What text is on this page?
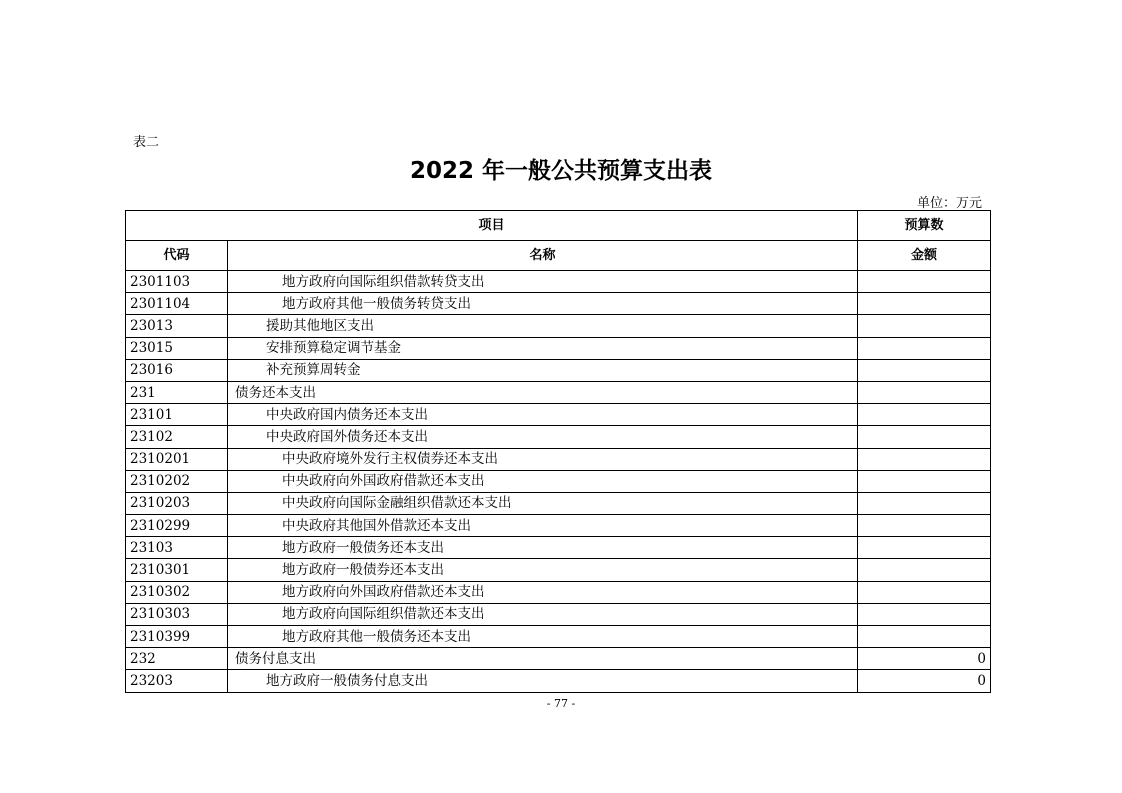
表二
2022 年一般公共预算支出表
单位：万元
项目		预算数
代码	名称	金额
2301103	地方政府向国际组织借款转贷支出	
2301104	地方政府其他一般债务转贷支出	
23013	援助其他地区支出	
23015	安排预算稳定调节基金	
23016	补充预算周转金	
231	债务还本支出	
23101	中央政府国内债务还本支出	
23102	中央政府国外债务还本支出	
2310201	中央政府境外发行主权债券还本支出	
2310202	中央政府向外国政府借款还本支出	
2310203	中央政府向国际金融组织借款还本支出	
2310299	中央政府其他国外借款还本支出	
23103	地方政府一般债务还本支出	
2310301	地方政府一般债券还本支出	
2310302	地方政府向外国政府借款还本支出	
2310303	地方政府向国际组织借款还本支出	
2310399	地方政府其他一般债务还本支出	
232	债务付息支出	0
23203	地方政府一般债务付息支出	0
- 77 -
